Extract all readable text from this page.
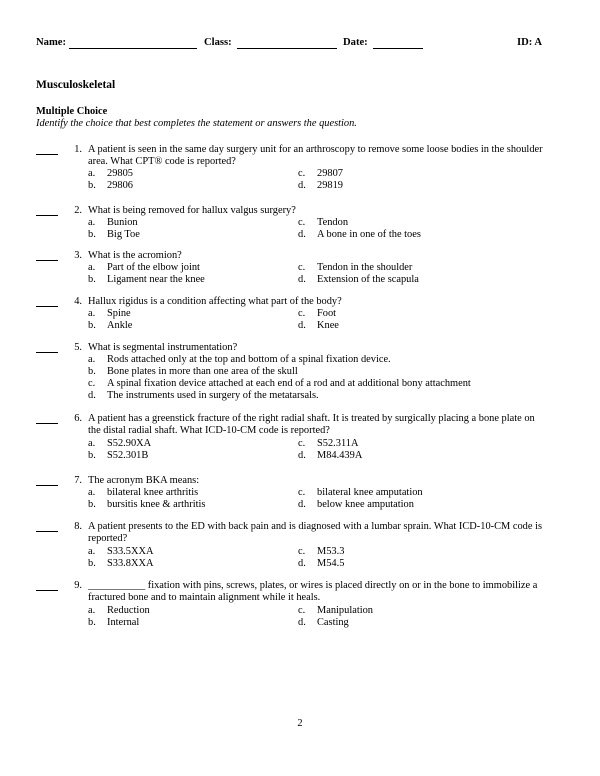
Name:	Class:	Date:	ID: A
Musculoskeletal
Multiple Choice
Identify the choice that best completes the statement or answers the question.
1. A patient is seen in the same day surgery unit for an arthroscopy to remove some loose bodies in the shoulder
area. What CPT® code is reported?
a. 29805
b. 29806
c. 29807
d. 29819
2. What is being removed for hallux valgus surgery?
a. Bunion
b. Big Toe
c. Tendon
d. A bone in one of the toes
3. What is the acromion?
a. Part of the elbow joint
b. Ligament near the knee
c. Tendon in the shoulder
d. Extension of the scapula
4. Hallux rigidus is a condition affecting what part of the body?
a. Spine
b. Ankle
c. Foot
d. Knee
5. What is segmental instrumentation?
a. Rods attached only at the top and bottom of a spinal fixation device.
b. Bone plates in more than one area of the skull
c. A spinal fixation device attached at each end of a rod and at additional bony attachment
d. The instruments used in surgery of the metatarsals.
6. A patient has a greenstick fracture of the right radial shaft. It is treated by surgically placing a bone plate on
the distal radial shaft. What ICD-10-CM code is reported?
a. S52.90XA
b. S52.301B
c. S52.311A
d. M84.439A
7. The acronym BKA means:
a. bilateral knee arthritis
b. bursitis knee & arthritis
c. bilateral knee amputation
d. below knee amputation
8. A patient presents to the ED with back pain and is diagnosed with a lumbar sprain. What ICD-10-CM code is
reported?
a. S33.5XXA
b. S33.8XXA
c. M53.3
d. M54.5
9. ___________ fixation with pins, screws, plates, or wires is placed directly on or in the bone to immobilize a
fractured bone and to maintain alignment while it heals.
a. Reduction
b. Internal
c. Manipulation
d. Casting
2
